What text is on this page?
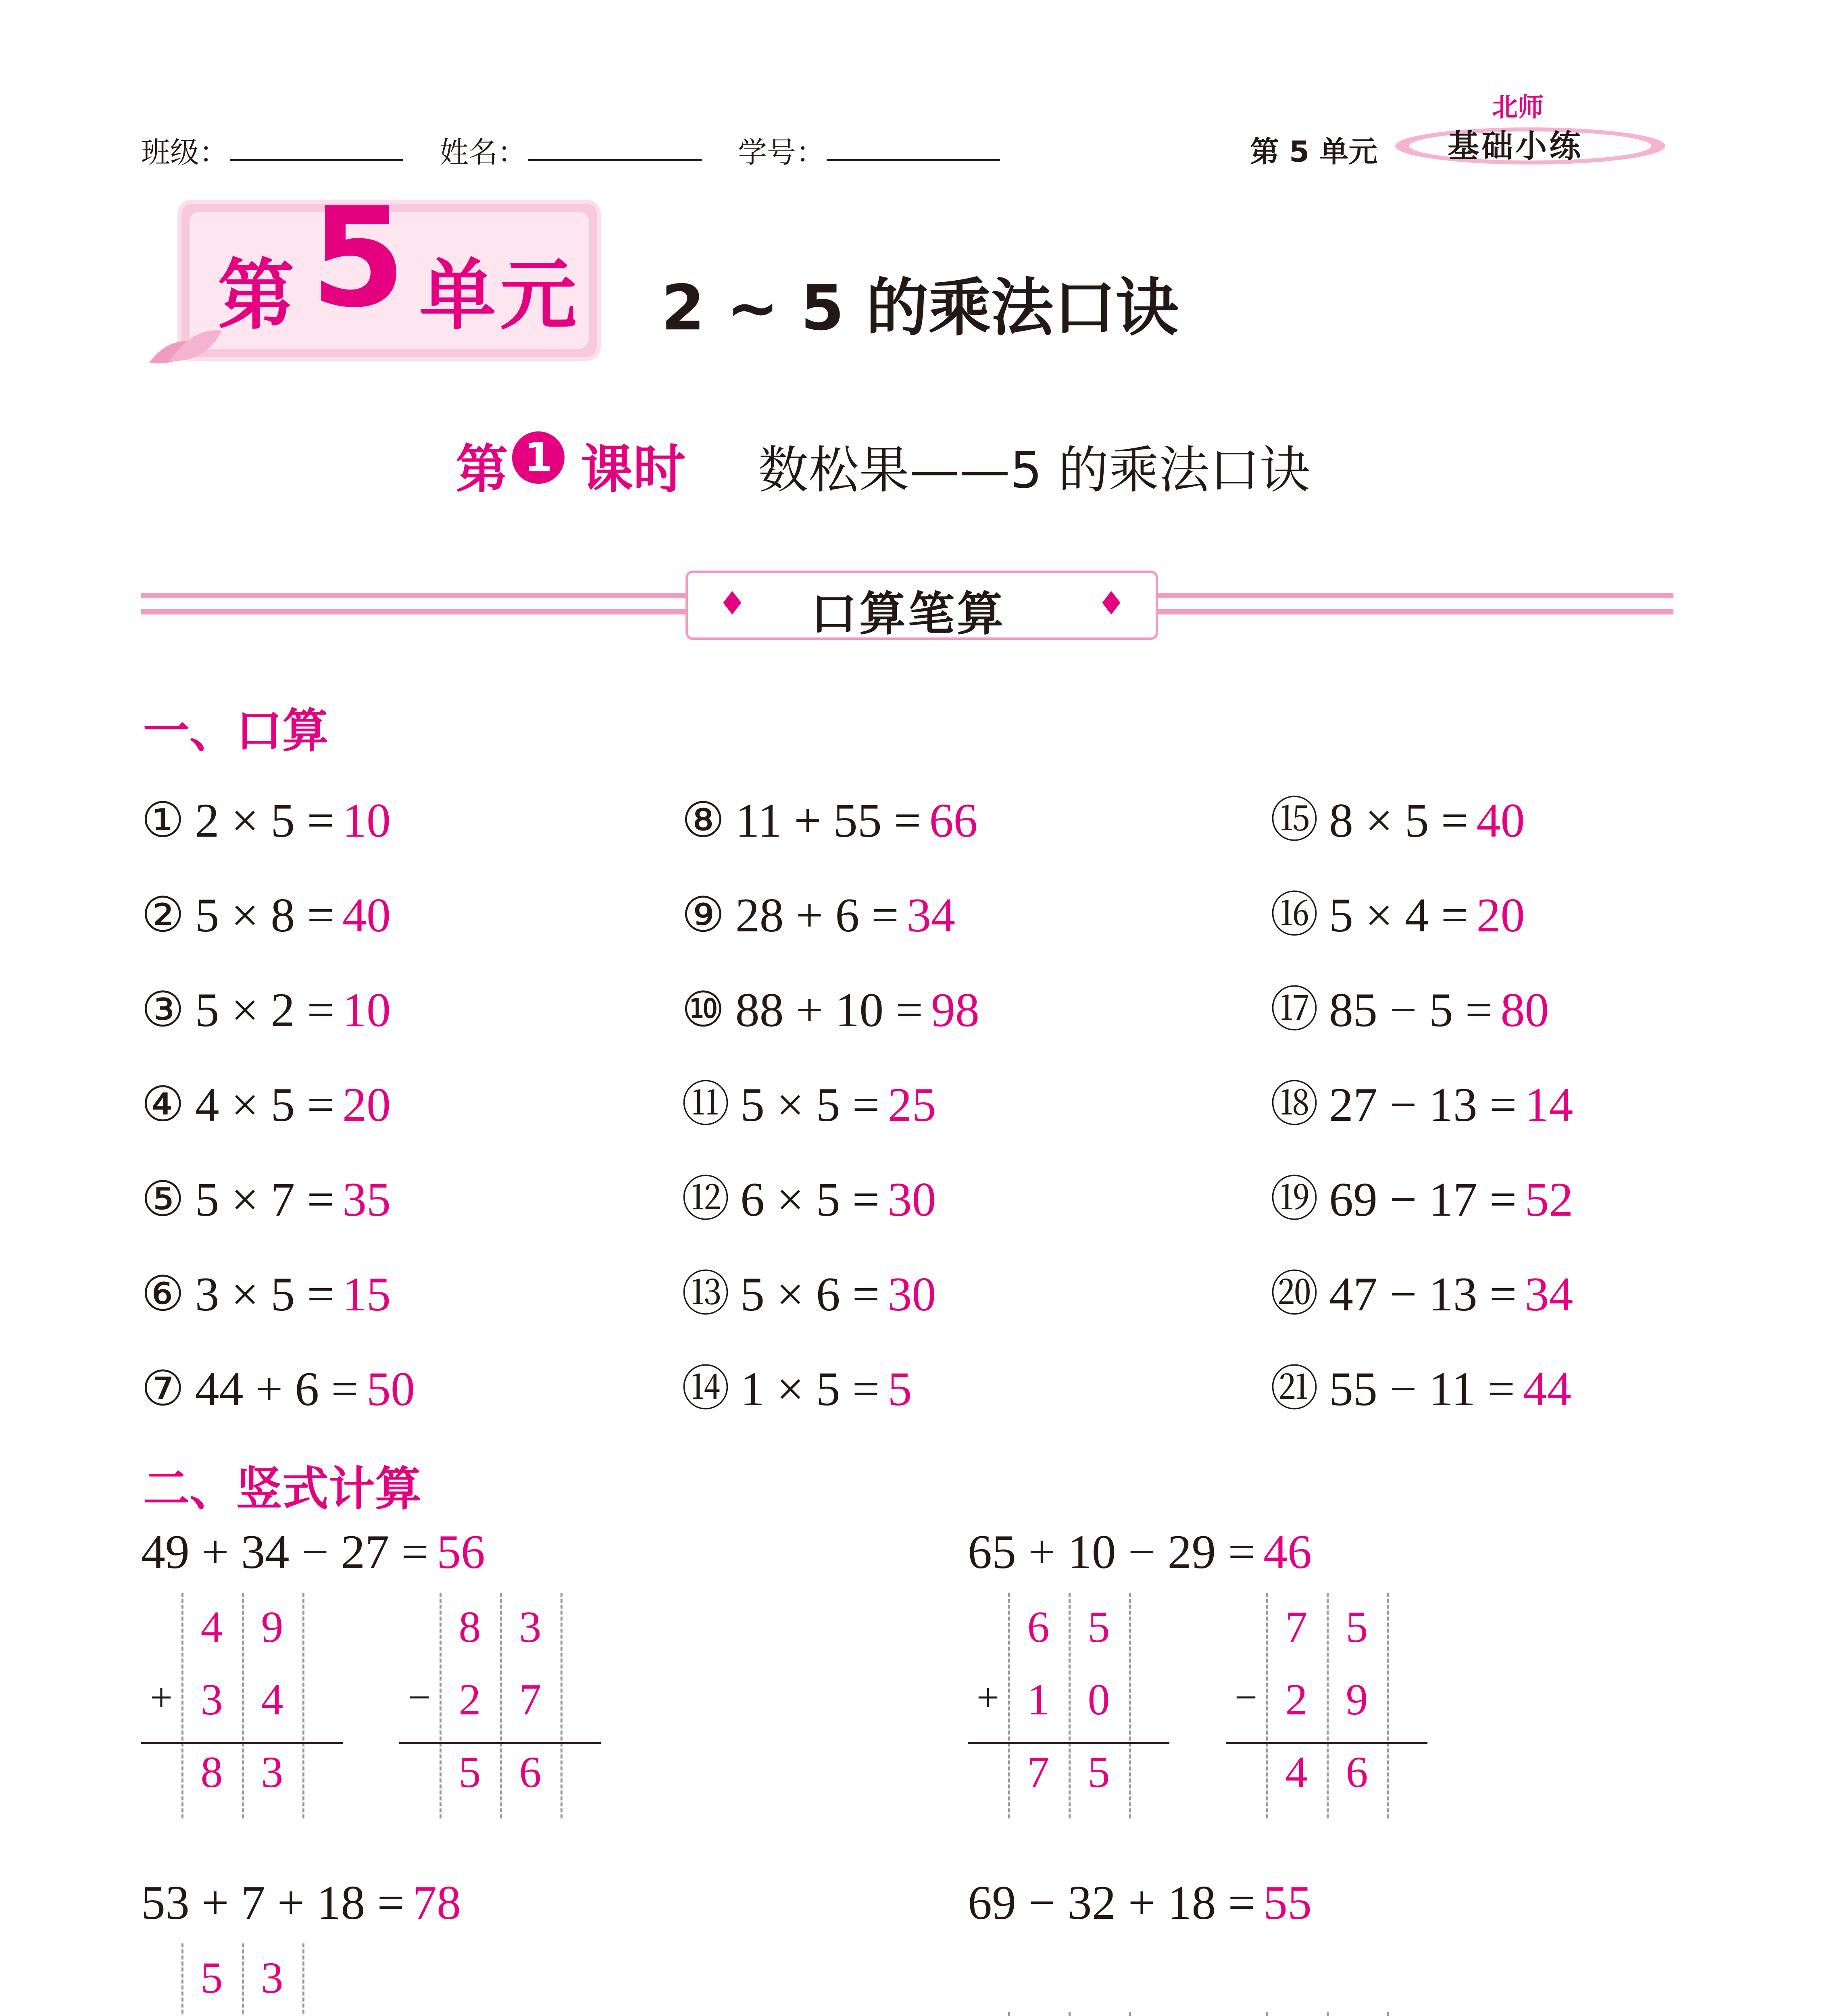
班级：	姓名：	学号：	第 5 单元
北师
基础小练
第 5 单元 2 ~ 5 的乘法口诀
第 1 课时 数松果——5 的乘法口诀
♦	♦
口算笔算
一、口算
① 2 × 5 = 10
② 5 × 8 = 40
③ 5 × 2 = 10
④ 4 × 5 = 20
⑤ 5 × 7 = 35
⑥ 3 × 5 = 15
⑦ 44 + 6 = 50
⑧ 11 + 55 = 66
⑨ 28 + 6 = 34
⑩ 88 + 10 = 98
⑪ 5 × 5 = 25
⑫ 6 × 5 = 30
⑬ 5 × 6 = 30
⑭ 1 × 5 = 5
⑮ 8 × 5 = 40
⑯ 5 × 4 = 20
⑰ 85 − 5 = 80
⑱ 27 − 13 = 14
⑲ 69 − 17 = 52
⑳ 47 − 13 = 34
㉑ 55 − 11 = 44
二、竖式计算
49 + 34 − 27 = 56
4 9
+ 3 4
8 3
8 3
− 2 7
5 6
65 + 10 − 29 = 46
6 5
+ 1 0
7 5
7 5
− 2 9
4 6
53 + 7 + 18 = 78
5 3
69 − 32 + 18 = 55
